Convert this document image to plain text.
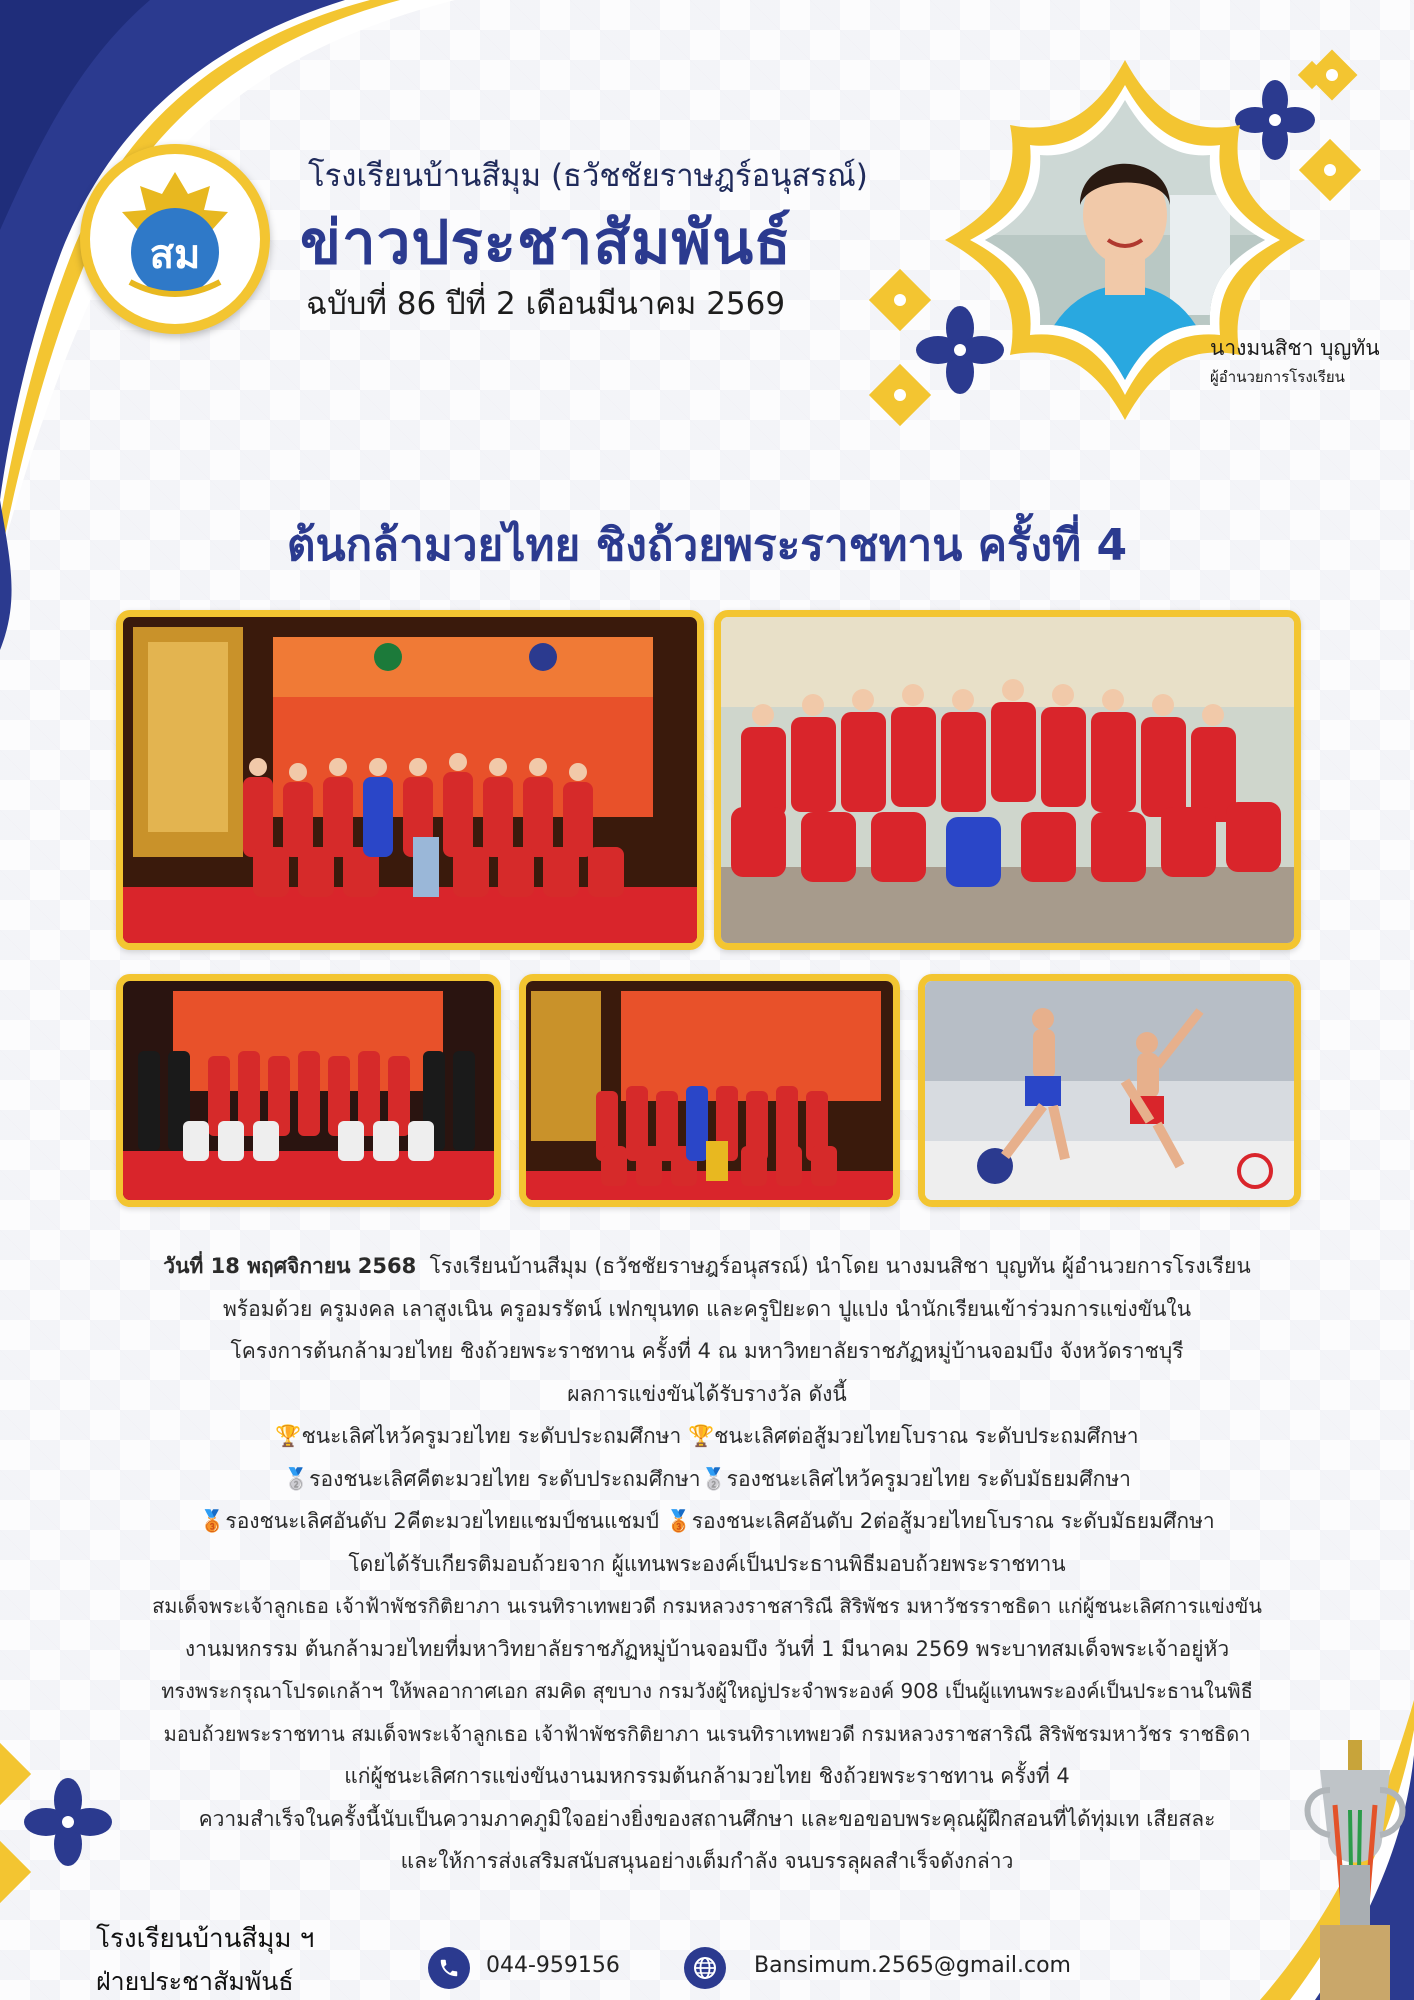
สม
โรงเรียนบ้านสีมุม (ธวัชชัยราษฎร์อนุสรณ์)
ข่าวประชาสัมพันธ์
ฉบับที่ 86 ปีที่ 2 เดือนมีนาคม 2569
นางมนสิชา บุญทัน
ผู้อำนวยการโรงเรียน
ต้นกล้ามวยไทย ชิงถ้วยพระราชทาน ครั้งที่ 4

วันที่ 18 พฤศจิกายน 2568 โรงเรียนบ้านสีมุม (ธวัชชัยราษฎร์อนุสรณ์) นำโดย นางมนสิชา บุญทัน ผู้อำนวยการโรงเรียน

พร้อมด้วย ครูมงคล เลาสูงเนิน ครูอมรรัตน์ เฟกขุนทด และครูปิยะดา ปูแปง นำนักเรียนเข้าร่วมการแข่งขันใน

โครงการต้นกล้ามวยไทย ชิงถ้วยพระราชทาน ครั้งที่ 4 ณ มหาวิทยาลัยราชภัฏหมู่บ้านจอมบึง จังหวัดราชบุรี

ผลการแข่งขันได้รับรางวัล ดังนี้

🏆ชนะเลิศไหว้ครูมวยไทย ระดับประถมศึกษา 🏆ชนะเลิศต่อสู้มวยไทยโบราณ ระดับประถมศึกษา

🥈รองชนะเลิศคีตะมวยไทย ระดับประถมศึกษา🥈รองชนะเลิศไหว้ครูมวยไทย ระดับมัธยมศึกษา

🥉รองชนะเลิศอันดับ 2คีตะมวยไทยแชมป์ชนแชมป์ 🥉รองชนะเลิศอันดับ 2ต่อสู้มวยไทยโบราณ ระดับมัธยมศึกษา

โดยได้รับเกียรติมอบถ้วยจาก ผู้แทนพระองค์เป็นประธานพิธีมอบถ้วยพระราชทาน

สมเด็จพระเจ้าลูกเธอ เจ้าฟ้าพัชรกิติยาภา นเรนทิราเทพยวดี กรมหลวงราชสาริณี สิริพัชร มหาวัชรราชธิดา แก่ผู้ชนะเลิศการแข่งขัน

งานมหกรรม ต้นกล้ามวยไทยที่มหาวิทยาลัยราชภัฏหมู่บ้านจอมบึง วันที่ 1 มีนาคม 2569 พระบาทสมเด็จพระเจ้าอยู่หัว

ทรงพระกรุณาโปรดเกล้าฯ ให้พลอากาศเอก สมคิด สุขบาง กรมวังผู้ใหญ่ประจำพระองค์ 908 เป็นผู้แทนพระองค์เป็นประธานในพิธี

มอบถ้วยพระราชทาน สมเด็จพระเจ้าลูกเธอ เจ้าฟ้าพัชรกิติยาภา นเรนทิราเทพยวดี กรมหลวงราชสาริณี สิริพัชรมหาวัชร ราชธิดา

แก่ผู้ชนะเลิศการแข่งขันงานมหกรรมต้นกล้ามวยไทย ชิงถ้วยพระราชทาน ครั้งที่ 4

ความสำเร็จในครั้งนี้นับเป็นความภาคภูมิใจอย่างยิ่งของสถานศึกษา และขอขอบพระคุณผู้ฝึกสอนที่ได้ทุ่มเท เสียสละ

และให้การส่งเสริมสนับสนุนอย่างเต็มกำลัง จนบรรลุผลสำเร็จดังกล่าว

โรงเรียนบ้านสีมุม ฯ
ฝ่ายประชาสัมพันธ์
044-959156	Bansimum.2565@gmail.com
